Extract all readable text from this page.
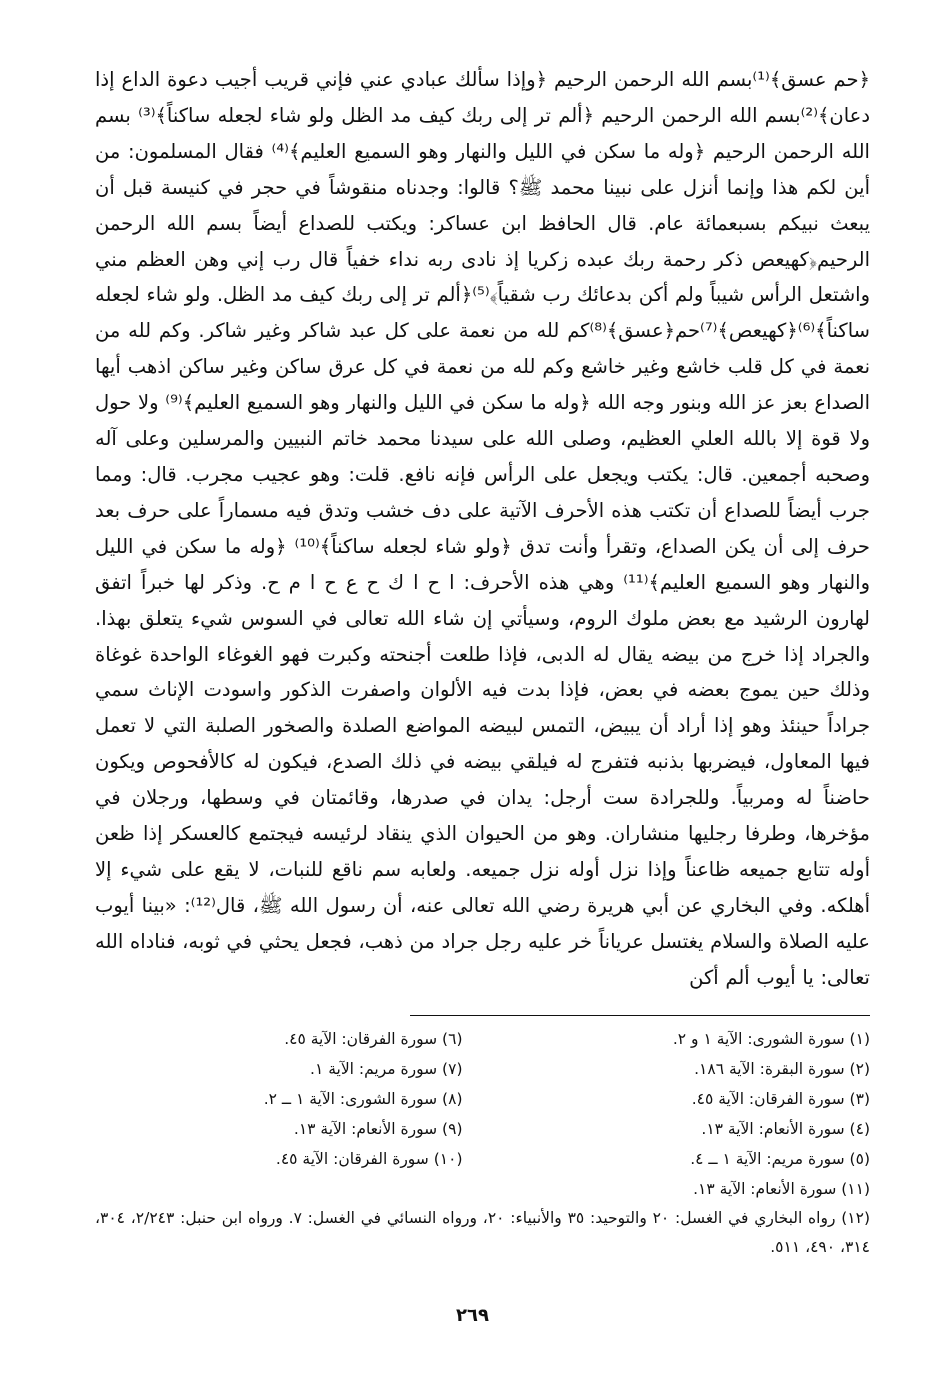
﴿حم عسق﴾⁽¹⁾بسم الله الرحمن الرحيم ﴿وإذا سألك عبادي عني فإني قريب أجيب دعوة الداع إذا دعان﴾⁽²⁾بسم الله الرحمن الرحيم ﴿ألم تر إلى ربك كيف مد الظل ولو شاء لجعله ساكناً﴾⁽³⁾ بسم الله الرحمن الرحيم ﴿وله ما سكن في الليل والنهار وهو السميع العليم﴾⁽⁴⁾ فقال المسلمون: من أين لكم هذا وإنما أنزل على نبينا محمد ﷺ؟ قالوا: وجدناه منقوشاً في حجر في كنيسة قبل أن يبعث نبيكم بسبعمائة عام. قال الحافظ ابن عساكر: ويكتب للصداع أيضاً بسم الله الرحمن الرحيم﴿كهيعص ذكر رحمة ربك عبده زكريا إذ نادى ربه نداء خفياً قال رب إني وهن العظم مني واشتعل الرأس شيباً ولم أكن بدعائك رب شقياً﴾⁽⁵⁾﴿ألم تر إلى ربك كيف مد الظل. ولو شاء لجعله ساكناً﴾⁽⁶⁾﴿كهيعص﴾⁽⁷⁾حم﴿عسق﴾⁽⁸⁾كم لله من نعمة على كل عبد شاكر وغير شاكر. وكم لله من نعمة في كل قلب خاشع وغير خاشع وكم لله من نعمة في كل عرق ساكن وغير ساكن اذهب أيها الصداع بعز عز الله وبنور وجه الله ﴿وله ما سكن في الليل والنهار وهو السميع العليم﴾⁽⁹⁾ ولا حول ولا قوة إلا بالله العلي العظيم، وصلى الله على سيدنا محمد خاتم النبيين والمرسلين وعلى آله وصحبه أجمعين. قال: يكتب ويجعل على الرأس فإنه نافع. قلت: وهو عجيب مجرب. قال: ومما جرب أيضاً للصداع أن تكتب هذه الأحرف الآتية على دف خشب وتدق فيه مسماراً على حرف بعد حرف إلى أن يكن الصداع، وتقرأ وأنت تدق ﴿ولو شاء لجعله ساكناً﴾⁽¹⁰⁾ ﴿وله ما سكن في الليل والنهار وهو السميع العليم﴾⁽¹¹⁾ وهي هذه الأحرف: ا ح ا ك ح ع ح ا م ح. وذكر لها خبراً اتفق لهارون الرشيد مع بعض ملوك الروم، وسيأتي إن شاء الله تعالى في السوس شيء يتعلق بهذا. والجراد إذا خرج من بيضه يقال له الدبى، فإذا طلعت أجنحته وكبرت فهو الغوغاء الواحدة غوغاة وذلك حين يموج بعضه في بعض، فإذا بدت فيه الألوان واصفرت الذكور واسودت الإناث سمي جراداً حينئذ وهو إذا أراد أن يبيض، التمس لبيضه المواضع الصلدة والصخور الصلبة التي لا تعمل فيها المعاول، فيضربها بذنبه فتفرج له فيلقي بيضه في ذلك الصدع، فيكون له كالأفحوص ويكون حاضناً له ومربياً. وللجرادة ست أرجل: يدان في صدرها، وقائمتان في وسطها، ورجلان في مؤخرها، وطرفا رجليها منشاران. وهو من الحيوان الذي ينقاد لرئيسه فيجتمع كالعسكر إذا ظعن أوله تتابع جميعه ظاعناً وإذا نزل أوله نزل جميعه. ولعابه سم ناقع للنبات، لا يقع على شيء إلا أهلكه. وفي البخاري عن أبي هريرة رضي الله تعالى عنه، أن رسول الله ﷺ، قال⁽¹²⁾: «بينا أيوب عليه الصلاة والسلام يغتسل عرياناً خر عليه رجل جراد من ذهب، فجعل يحثي في ثوبه، فناداه الله تعالى: يا أيوب ألم أكن

(١) سورة الشورى: الآية ١ و ٢.
(٦) سورة الفرقان: الآية ٤٥.
(٢) سورة البقرة: الآية ١٨٦.
(٧) سورة مريم: الآية ١.
(٣) سورة الفرقان: الآية ٤٥.
(٨) سورة الشورى: الآية ١ ــ ٢.
(٤) سورة الأنعام: الآية ١٣.
(٩) سورة الأنعام: الآية ١٣.
(٥) سورة مريم: الآية ١ ــ ٤.
(١٠) سورة الفرقان: الآية ٤٥.
(١١) سورة الأنعام: الآية ١٣.
(١٢) رواه البخاري في الغسل: ٢٠ والتوحيد: ٣٥ والأنبياء: ٢٠، ورواه النسائي في الغسل: ٧. ورواه ابن حنبل: ٢/٢٤٣، ٣٠٤، ٣١٤، ٤٩٠، ٥١١.
٢٦٩
